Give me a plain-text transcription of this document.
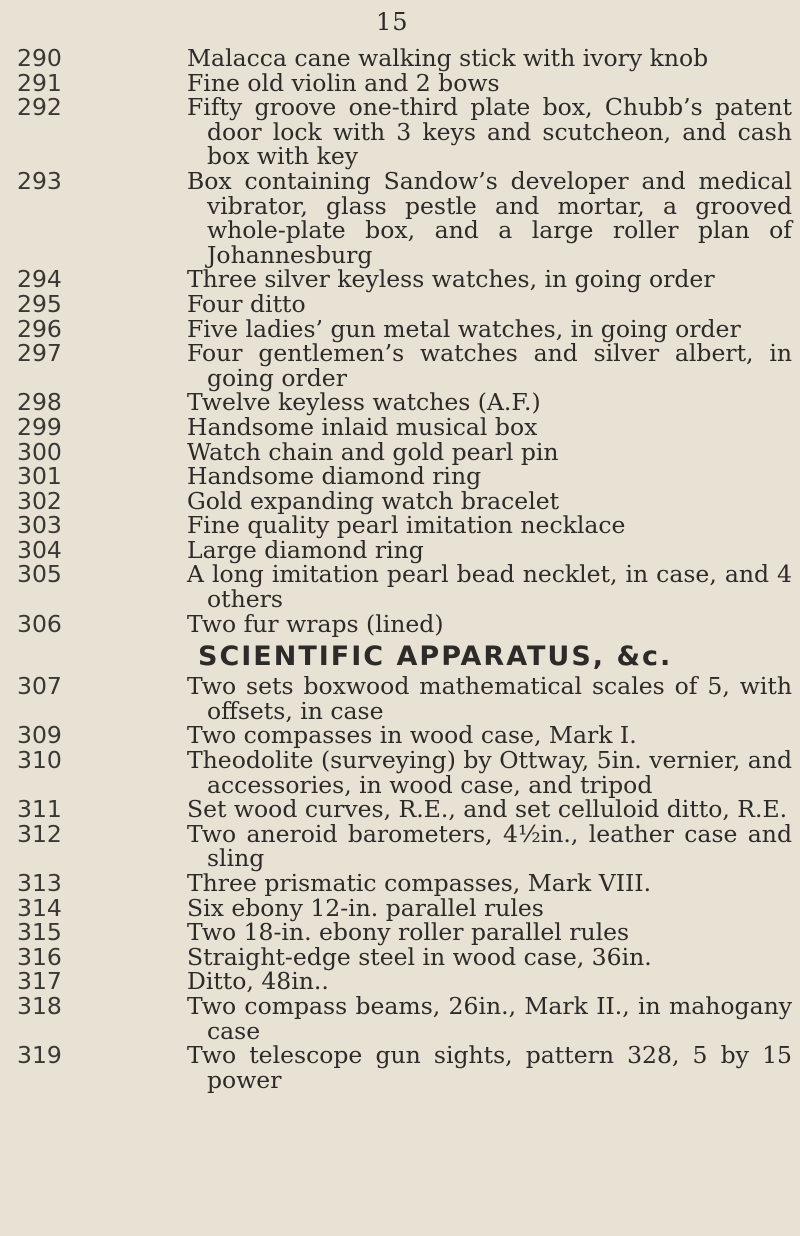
15
290	Malacca cane walking stick with ivory knob
291	Fine old violin and 2 bows
292	Fifty groove one-third plate box, Chubb’s patent door lock with 3 keys and scutcheon, and cash box with key
293	Box containing Sandow’s developer and medical vibrator, glass pestle and mortar, a grooved whole-plate box, and a large roller plan of Johannesburg
294	Three silver keyless watches, in going order
295	Four ditto
296	Five ladies’ gun metal watches, in going order
297	Four gentlemen’s watches and silver albert, in going order
298	Twelve keyless watches (A.F.)
299	Handsome inlaid musical box
300	Watch chain and gold pearl pin
301	Handsome diamond ring
302	Gold expanding watch bracelet
303	Fine quality pearl imitation necklace
304	Large diamond ring
305	A long imitation pearl bead necklet, in case, and 4 others
306	Two fur wraps (lined)
SCIENTIFIC APPARATUS, &c.
307	Two sets boxwood mathematical scales of 5, with offsets, in case
309	Two compasses in wood case, Mark I.
310	Theodolite (surveying) by Ottway, 5in. vernier, and accessories, in wood case, and tripod
311	Set wood curves, R.E., and set celluloid ditto, R.E.
312	Two aneroid barometers, 4½in., leather case and sling
313	Three prismatic compasses, Mark VIII.
314	Six ebony 12-in. parallel rules
315	Two 18-in. ebony roller parallel rules
316	Straight-edge steel in wood case, 36in.
317	Ditto, 48in..
318	Two compass beams, 26in., Mark II., in mahogany case
319	Two telescope gun sights, pattern 328, 5 by 15 power
